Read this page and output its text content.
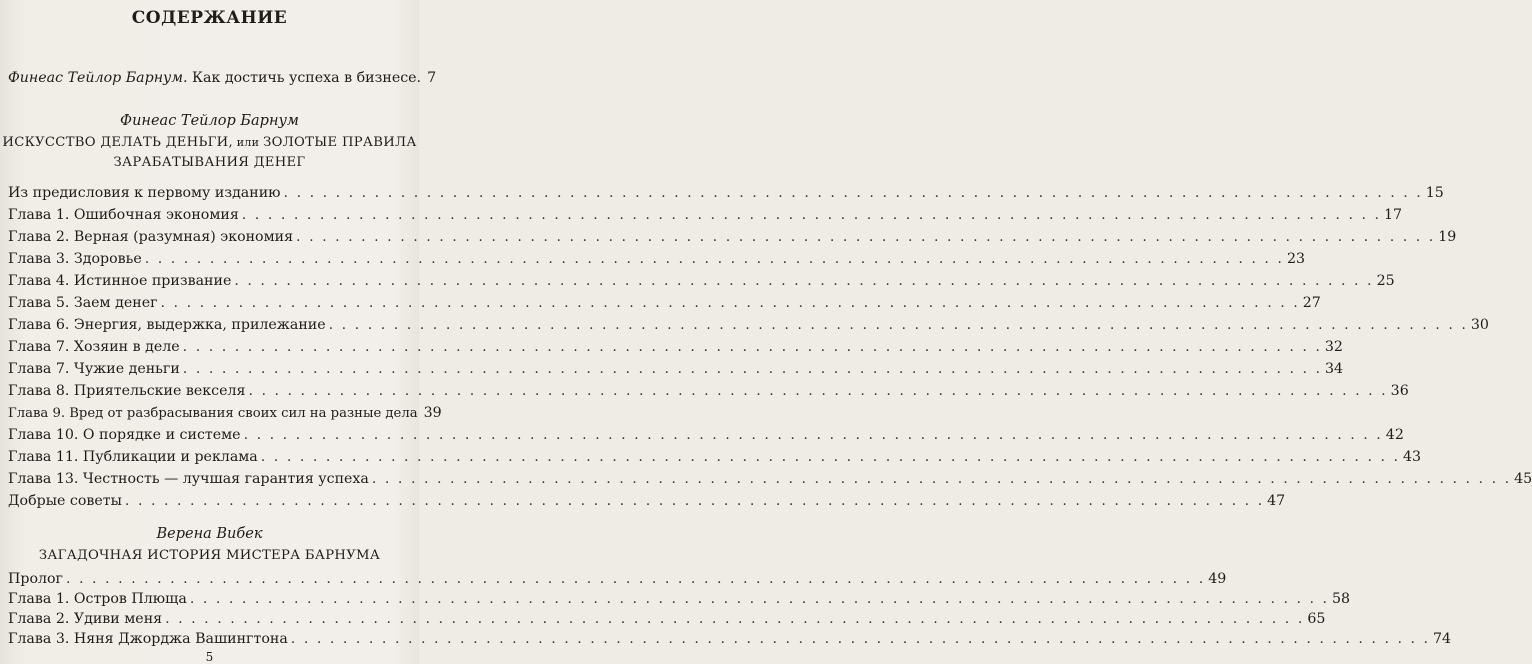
СОДЕРЖАНИЕ
Финеас Тейлор Барнум. Как достичь успеха в бизнесе. 7
Финеас Тейлор Барнум
ИСКУССТВО ДЕЛАТЬ ДЕНЬГИ, или ЗОЛОТЫЕ ПРАВИЛА
ЗАРАБАТЫВАНИЯ ДЕНЕГ
Из предисловия к первому изданию . . .	15
Глава 1. Ошибочная экономия . . .	17
Глава 2. Верная (разумная) экономия . . .	19
Глава 3. Здоровье . . .	23
Глава 4. Истинное призвание . . .	25
Глава 5. Заем денег . . .	27
Глава 6. Энергия, выдержка, прилежание . . .	30
Глава 7. Хозяин в деле . . .	32
Глава 7. Чужие деньги . . .	34
Глава 8. Приятельские векселя . . .	36
Глава 9. Вред от разбрасывания своих сил на разные дела 39
Глава 10. О порядке и системе . . .	42
Глава 11. Публикации и реклама . . .	43
Глава 13. Честность — лучшая гарантия успеха . . .	45
Добрые советы . . .	47
Верена Вибек
ЗАГАДОЧНАЯ ИСТОРИЯ МИСТЕРА БАРНУМА
Пролог . . .	49
Глава 1. Остров Плюща . . .	58
Глава 2. Удиви меня . . .	65
Глава 3. Няня Джорджа Вашингтона . . .	74
5
